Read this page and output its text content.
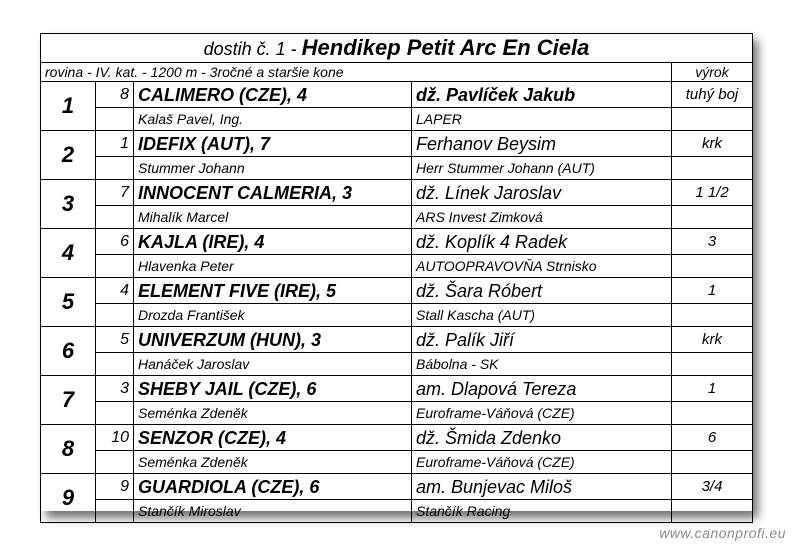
dostih č. 1 - Hendikep Petit Arc En Ciela				
rovina - IV. kat. - 1200 m - 3ročné a staršie kone				výrok
1	8	CALIMERO (CZE), 4	dž. Pavlíček Jakub	tuhý boj
		Kalaš Pavel, Ing.	LAPER	
2	1	IDEFIX (AUT), 7	Ferhanov Beysim	krk
		Stummer Johann	Herr Stummer Johann (AUT)	
3	7	INNOCENT CALMERIA, 3	dž. Línek Jaroslav	1 1/2
		Mihalík Marcel	ARS Invest Zimková	
4	6	KAJLA (IRE), 4	dž. Koplík 4 Radek	3
		Hlavenka Peter	AUTOOPRAVOVŇA Strnisko	
5	4	ELEMENT FIVE (IRE), 5	dž. Šara Róbert	1
		Drozda František	Stall Kascha (AUT)	
6	5	UNIVERZUM (HUN), 3	dž. Palík Jiří	krk
		Hanáček Jaroslav	Bábolna - SK	
7	3	SHEBY JAIL (CZE), 6	am. Dlapová Tereza	1
		Seménka Zdeněk	Euroframe-Váňová (CZE)	
8	10	SENZOR (CZE), 4	dž. Šmida Zdenko	6
		Seménka Zdeněk	Euroframe-Váňová (CZE)	
9	9	GUARDIOLA (CZE), 6	am. Bunjevac Miloš	3/4
		Stančík Miroslav	Stančík Racing	
www.canonprofi.eu
